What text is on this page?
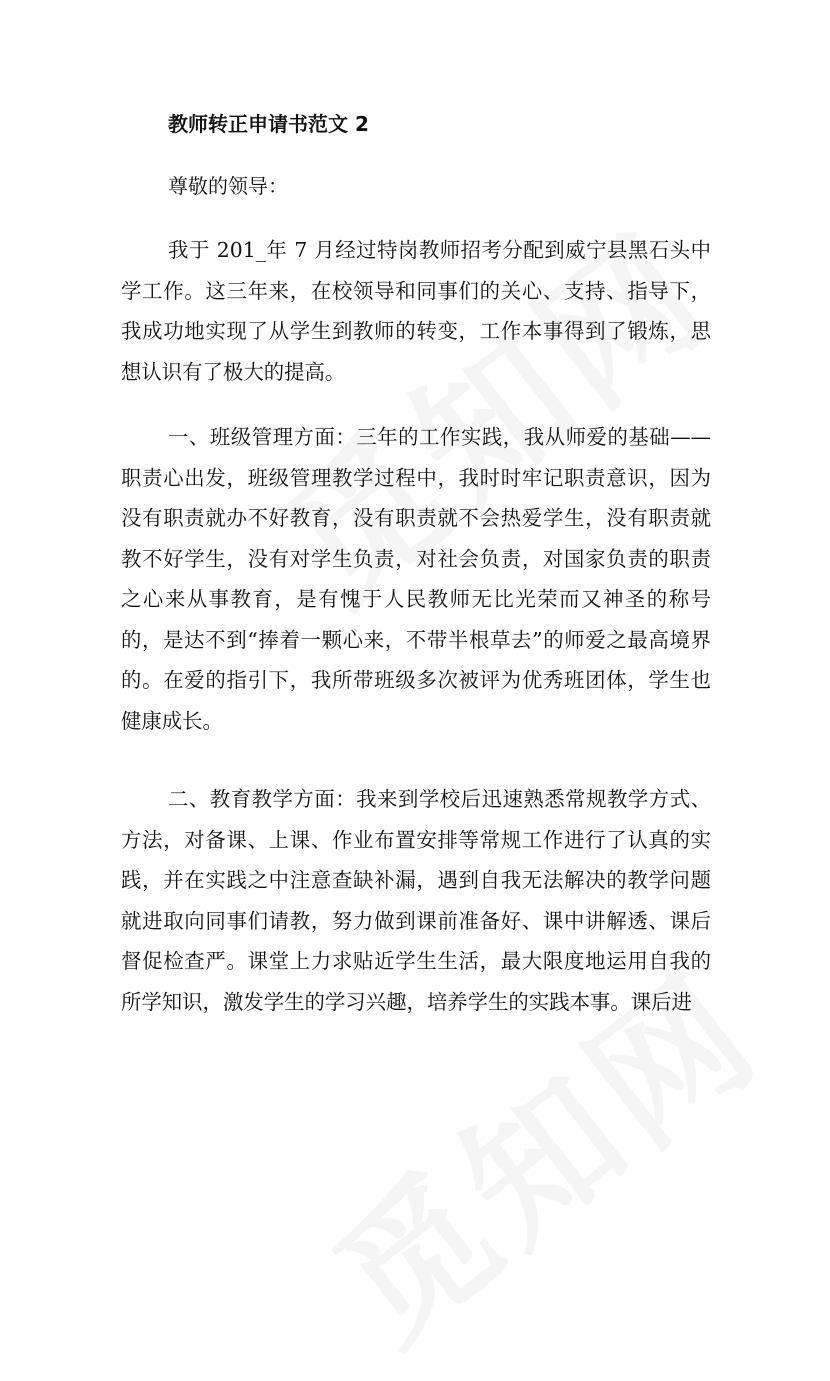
教师转正申请书范文 2

尊敬的领导：

我于 201_年 7 月经过特岗教师招考分配到威宁县黑石头中学工作。这三年来，在校领导和同事们的关心、支持、指导下，我成功地实现了从学生到教师的转变，工作本事得到了锻炼，思想认识有了极大的提高。

一、班级管理方面：三年的工作实践，我从师爱的基础——职责心出发，班级管理教学过程中，我时时牢记职责意识，因为没有职责就办不好教育，没有职责就不会热爱学生，没有职责就教不好学生，没有对学生负责，对社会负责，对国家负责的职责之心来从事教育，是有愧于人民教师无比光荣而又神圣的称号的，是达不到“捧着一颗心来，不带半根草去”的师爱之最高境界的。在爱的指引下，我所带班级多次被评为优秀班团体，学生也健康成长。

二、教育教学方面：我来到学校后迅速熟悉常规教学方式、方法，对备课、上课、作业布置安排等常规工作进行了认真的实践，并在实践之中注意查缺补漏，遇到自我无法解决的教学问题就进取向同事们请教，努力做到课前准备好、课中讲解透、课后督促检查严。课堂上力求贴近学生生活，最大限度地运用自我的所学知识，激发学生的学习兴趣，培养学生的实践本事。课后进
